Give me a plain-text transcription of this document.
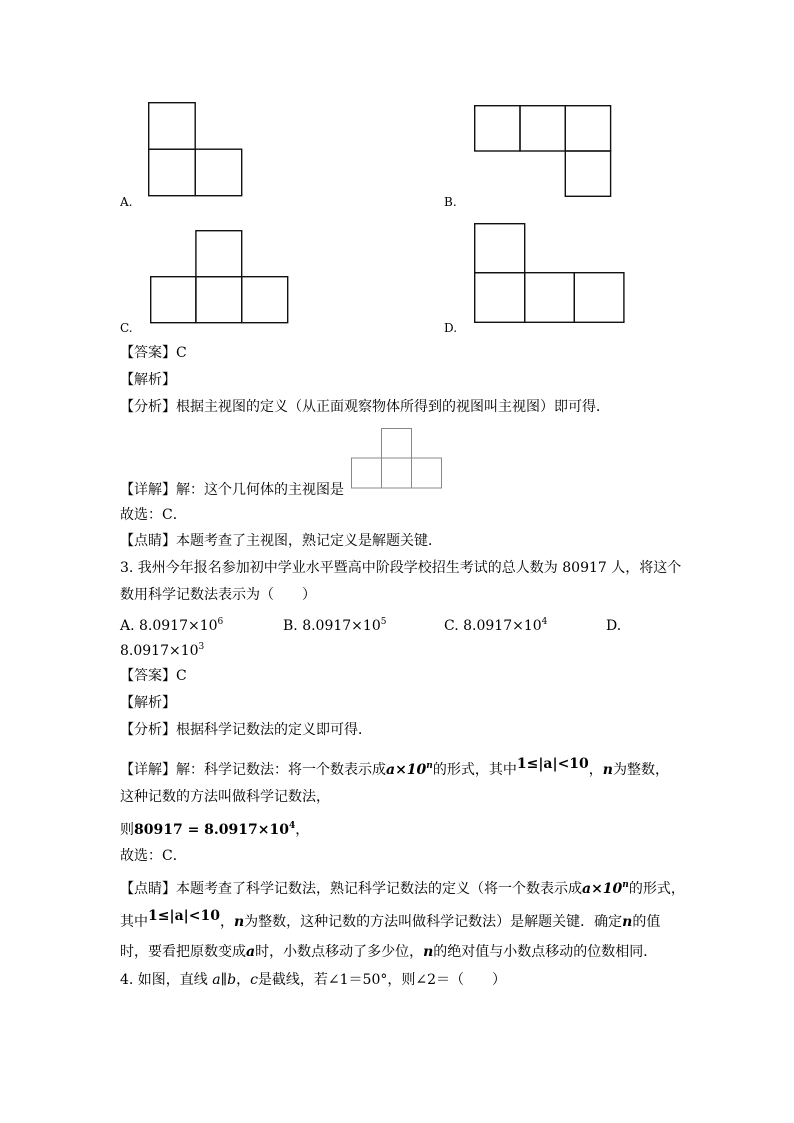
A.	B.
C.	D.
【答案】C
【解析】
【分析】根据主视图的定义（从正面观察物体所得到的视图叫主视图）即可得．
【详解】解：这个几何体的主视图是
故选：C．
【点睛】本题考查了主视图，熟记定义是解题关键．
3. 我州今年报名参加初中学业水平暨高中阶段学校招生考试的总人数为 80917 人，将这个
数用科学记数法表示为（　　）
A. $8.0917\times 10^6$	B. $8.0917\times 10^5$	C. $8.0917\times 10^4$	D.
$8.0917\times 10^3$
【答案】C
【解析】
【分析】根据科学记数法的定义即可得．
【详解】解：科学记数法：将一个数表示成$a\times 10^n$的形式，其中1≤|a|<10，n为整数，
这种记数的方法叫做科学记数法，
则$80917 = 8.0917\times 10^4$，
故选：C．
【点睛】本题考查了科学记数法，熟记科学记数法的定义（将一个数表示成$a\times 10^n$的形式，
其中1≤|a|<10，n为整数，这种记数的方法叫做科学记数法）是解题关键．确定n的值
时，要看把原数变成a时，小数点移动了多少位，n的绝对值与小数点移动的位数相同．
4. 如图，直线 a∥b，c是截线，若∠1＝50°，则∠2＝（　　）
